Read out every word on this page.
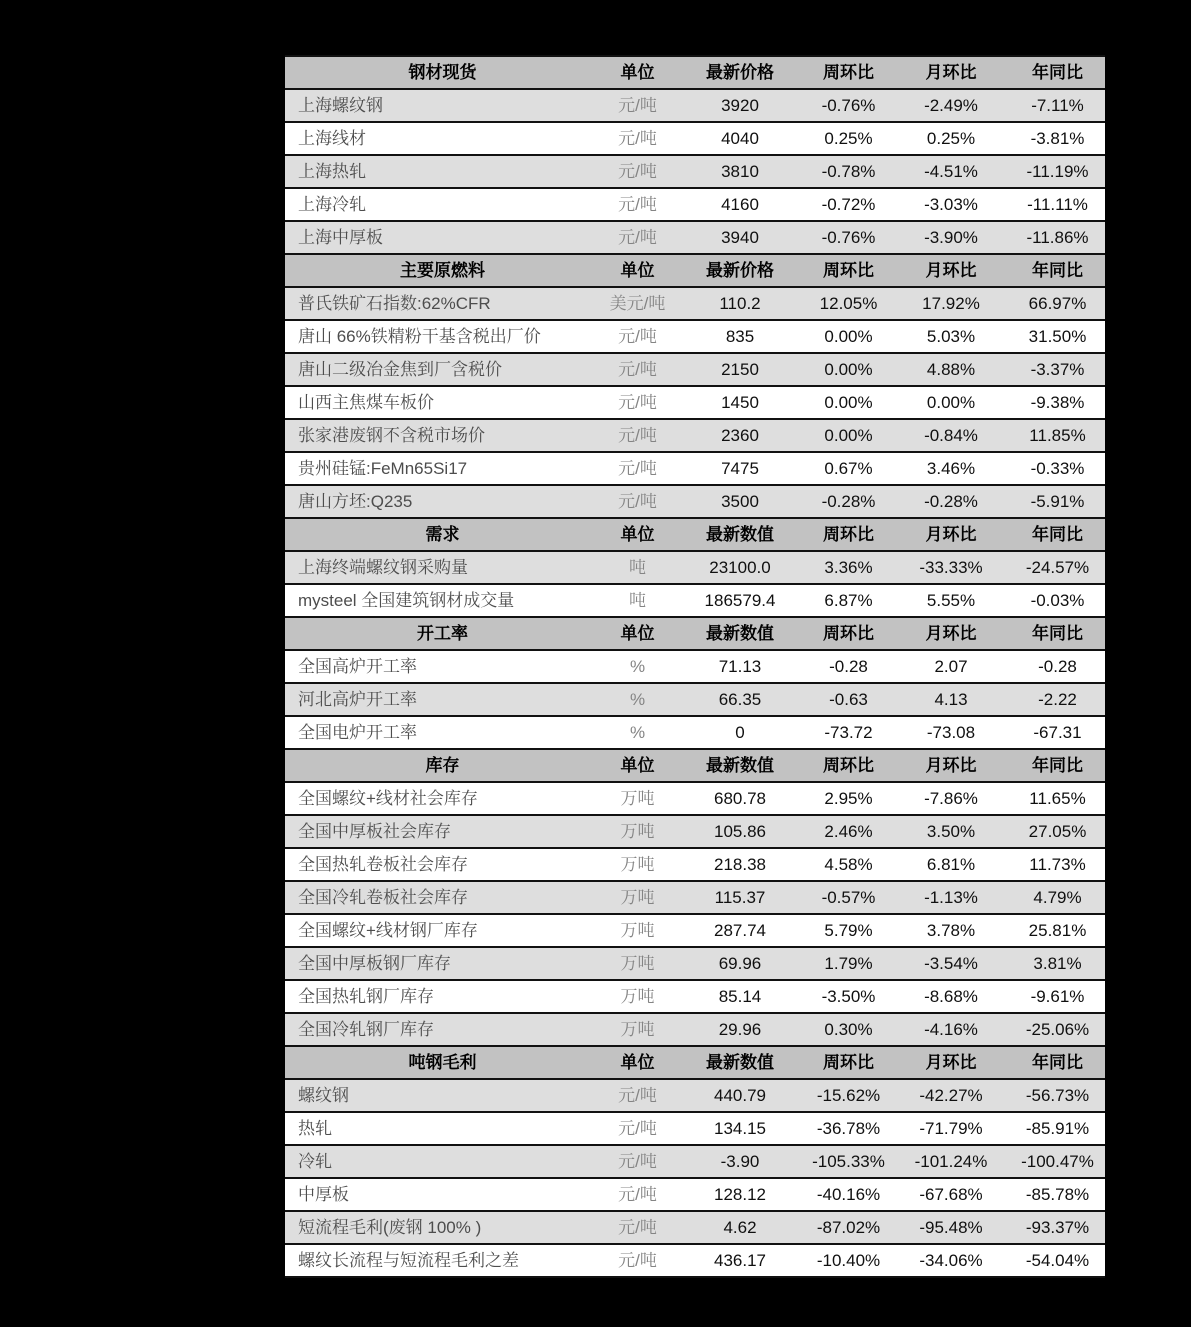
钢材现货	单位	最新价格	周环比	月环比	年同比
上海螺纹钢	元/吨	3920	-0.76%	-2.49%	-7.11%
上海线材	元/吨	4040	0.25%	0.25%	-3.81%
上海热轧	元/吨	3810	-0.78%	-4.51%	-11.19%
上海冷轧	元/吨	4160	-0.72%	-3.03%	-11.11%
上海中厚板	元/吨	3940	-0.76%	-3.90%	-11.86%
主要原燃料	单位	最新价格	周环比	月环比	年同比
普氏铁矿石指数:62%CFR	美元/吨	110.2	12.05%	17.92%	66.97%
唐山 66%铁精粉干基含税出厂价	元/吨	835	0.00%	5.03%	31.50%
唐山二级冶金焦到厂含税价	元/吨	2150	0.00%	4.88%	-3.37%
山西主焦煤车板价	元/吨	1450	0.00%	0.00%	-9.38%
张家港废钢不含税市场价	元/吨	2360	0.00%	-0.84%	11.85%
贵州硅锰:FeMn65Si17	元/吨	7475	0.67%	3.46%	-0.33%
唐山方坯:Q235	元/吨	3500	-0.28%	-0.28%	-5.91%
需求	单位	最新数值	周环比	月环比	年同比
上海终端螺纹钢采购量	吨	23100.0	3.36%	-33.33%	-24.57%
mysteel 全国建筑钢材成交量	吨	186579.4	6.87%	5.55%	-0.03%
开工率	单位	最新数值	周环比	月环比	年同比
全国高炉开工率	%	71.13	-0.28	2.07	-0.28
河北高炉开工率	%	66.35	-0.63	4.13	-2.22
全国电炉开工率	%	0	-73.72	-73.08	-67.31
库存	单位	最新数值	周环比	月环比	年同比
全国螺纹+线材社会库存	万吨	680.78	2.95%	-7.86%	11.65%
全国中厚板社会库存	万吨	105.86	2.46%	3.50%	27.05%
全国热轧卷板社会库存	万吨	218.38	4.58%	6.81%	11.73%
全国冷轧卷板社会库存	万吨	115.37	-0.57%	-1.13%	4.79%
全国螺纹+线材钢厂库存	万吨	287.74	5.79%	3.78%	25.81%
全国中厚板钢厂库存	万吨	69.96	1.79%	-3.54%	3.81%
全国热轧钢厂库存	万吨	85.14	-3.50%	-8.68%	-9.61%
全国冷轧钢厂库存	万吨	29.96	0.30%	-4.16%	-25.06%
吨钢毛利	单位	最新数值	周环比	月环比	年同比
螺纹钢	元/吨	440.79	-15.62%	-42.27%	-56.73%
热轧	元/吨	134.15	-36.78%	-71.79%	-85.91%
冷轧	元/吨	-3.90	-105.33%	-101.24%	-100.47%
中厚板	元/吨	128.12	-40.16%	-67.68%	-85.78%
短流程毛利(废钢 100% )	元/吨	4.62	-87.02%	-95.48%	-93.37%
螺纹长流程与短流程毛利之差	元/吨	436.17	-10.40%	-34.06%	-54.04%
